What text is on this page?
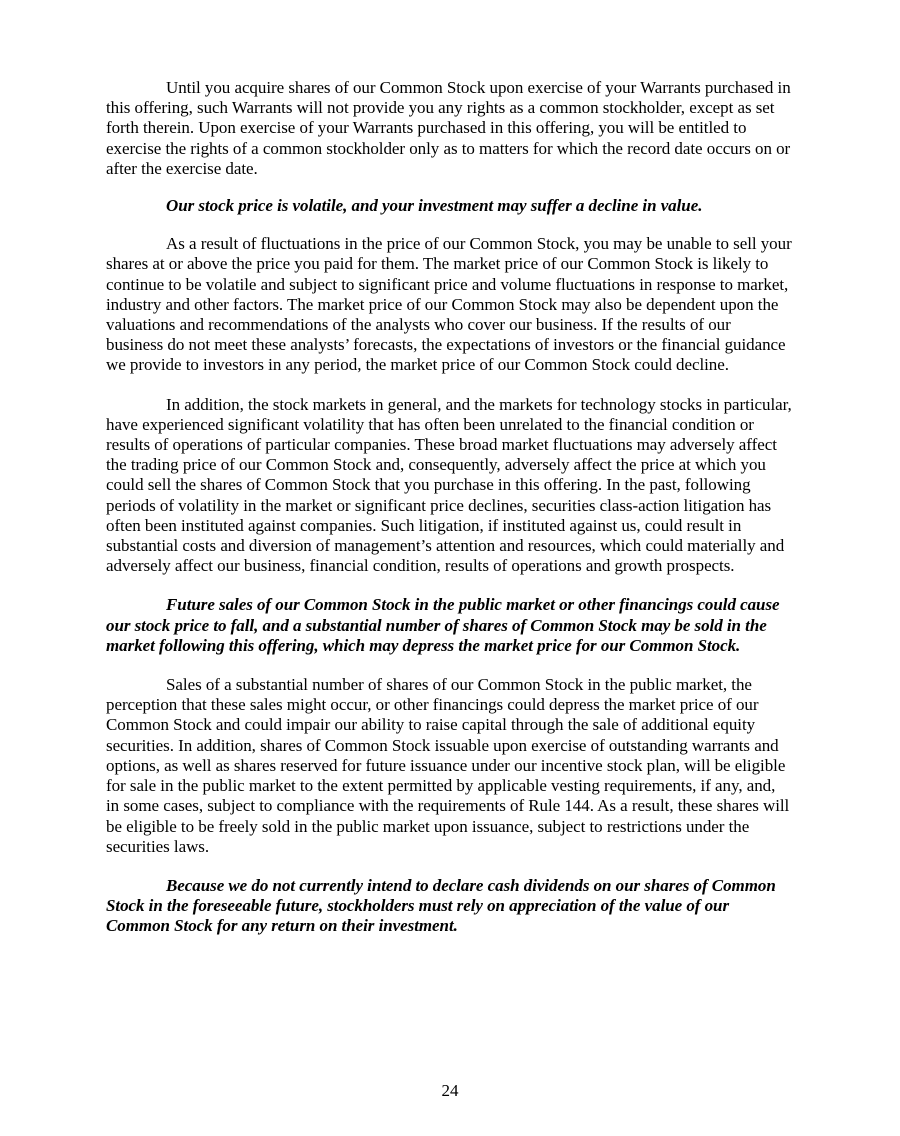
Until you acquire shares of our Common Stock upon exercise of your Warrants purchased in this offering, such Warrants will not provide you any rights as a common stockholder, except as set forth therein. Upon exercise of your Warrants purchased in this offering, you will be entitled to exercise the rights of a common stockholder only as to matters for which the record date occurs on or after the exercise date.

Our stock price is volatile, and your investment may suffer a decline in value.

As a result of fluctuations in the price of our Common Stock, you may be unable to sell your shares at or above the price you paid for them. The market price of our Common Stock is likely to continue to be volatile and subject to significant price and volume fluctuations in response to market, industry and other factors. The market price of our Common Stock may also be dependent upon the valuations and recommendations of the analysts who cover our business. If the results of our business do not meet these analysts’ forecasts, the expectations of investors or the financial guidance we provide to investors in any period, the market price of our Common Stock could decline.

In addition, the stock markets in general, and the markets for technology stocks in particular, have experienced significant volatility that has often been unrelated to the financial condition or results of operations of particular companies. These broad market fluctuations may adversely affect the trading price of our Common Stock and, consequently, adversely affect the price at which you could sell the shares of Common Stock that you purchase in this offering. In the past, following periods of volatility in the market or significant price declines, securities class-action litigation has often been instituted against companies. Such litigation, if instituted against us, could result in substantial costs and diversion of management’s attention and resources, which could materially and adversely affect our business, financial condition, results of operations and growth prospects.

Future sales of our Common Stock in the public market or other financings could cause our stock price to fall, and a substantial number of shares of Common Stock may be sold in the market following this offering, which may depress the market price for our Common Stock.

Sales of a substantial number of shares of our Common Stock in the public market, the perception that these sales might occur, or other financings could depress the market price of our Common Stock and could impair our ability to raise capital through the sale of additional equity securities. In addition, shares of Common Stock issuable upon exercise of outstanding warrants and options, as well as shares reserved for future issuance under our incentive stock plan, will be eligible for sale in the public market to the extent permitted by applicable vesting requirements, if any, and, in some cases, subject to compliance with the requirements of Rule 144. As a result, these shares will be eligible to be freely sold in the public market upon issuance, subject to restrictions under the securities laws.

Because we do not currently intend to declare cash dividends on our shares of Common Stock in the foreseeable future, stockholders must rely on appreciation of the value of our Common Stock for any return on their investment.

24
